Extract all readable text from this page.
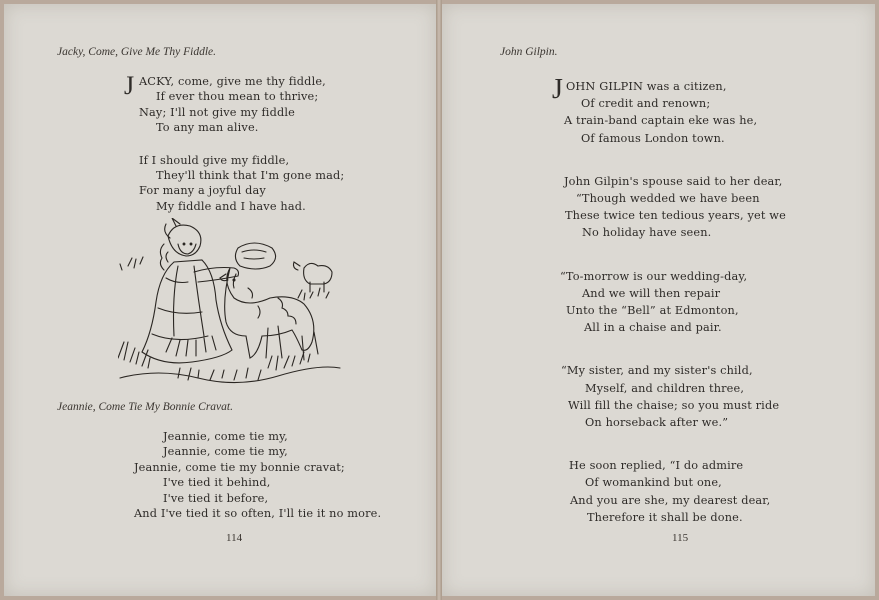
Jacky, Come, Give Me Thy Fiddle.
J ACKY, come, give me thy fiddle,
If ever thou mean to thrive;
Nay; I'll not give my fiddle
To any man alive.
If I should give my fiddle,
They'll think that I'm gone mad;
For many a joyful day
My fiddle and I have had.
Jeannie, Come Tie My Bonnie Cravat.
Jeannie, come tie my,
Jeannie, come tie my,
Jeannie, come tie my bonnie cravat;
I've tied it behind,
I've tied it before,
And I've tied it so often, I'll tie it no more.
114
John Gilpin.
J OHN GILPIN was a citizen,
Of credit and renown;
A train-band captain eke was he,
Of famous London town.
John Gilpin's spouse said to her dear,
“Though wedded we have been
These twice ten tedious years, yet we
No holiday have seen.
“To-morrow is our wedding-day,
And we will then repair
Unto the “Bell” at Edmonton,
All in a chaise and pair.
“My sister, and my sister's child,
Myself, and children three,
Will fill the chaise; so you must ride
On horseback after we.”
He soon replied, “I do admire
Of womankind but one,
And you are she, my dearest dear,
Therefore it shall be done.
115
